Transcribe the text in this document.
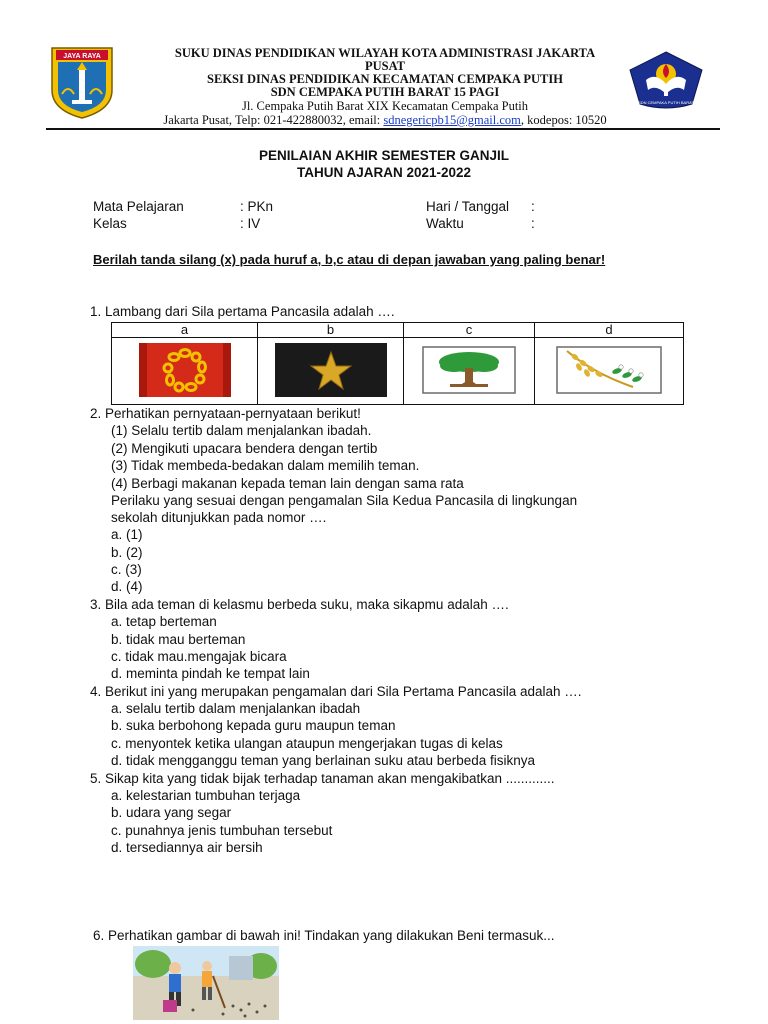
JAYA RAYA
SDN CEMPAKA PUTIH BARAT
SUKU DINAS PENDIDIKAN WILAYAH KOTA ADMINISTRASI JAKARTA
PUSAT
SEKSI DINAS PENDIDIKAN KECAMATAN CEMPAKA PUTIH
SDN CEMPAKA PUTIH BARAT 15 PAGI
Jl. Cempaka Putih Barat XIX Kecamatan Cempaka Putih
Jakarta Pusat, Telp: 021-422880032, email: sdnegericpb15@gmail.com, kodepos: 10520
PENILAIAN AKHIR SEMESTER GANJIL
TAHUN AJARAN 2021-2022
Mata Pelajaran	: PKn	Hari / Tanggal :
Kelas	: IV	Waktu	:
Berilah tanda silang (x) pada huruf a, b,c atau di depan jawaban yang paling benar!
1. Lambang dari Sila pertama Pancasila adalah ….
a	b	c	d

2. Perhatikan pernyataan-pernyataan berikut!
(1) Selalu tertib dalam menjalankan ibadah.
(2) Mengikuti upacara bendera dengan tertib
(3) Tidak membeda-bedakan dalam memilih teman.
(4) Berbagi makanan kepada teman lain dengan sama rata
Perilaku yang sesuai dengan pengamalan Sila Kedua Pancasila di lingkungan
sekolah ditunjukkan pada nomor ….
a. (1)
b. (2)
c. (3)
d. (4)
3. Bila ada teman di kelasmu berbeda suku, maka sikapmu adalah ….
a. tetap berteman
b. tidak mau berteman
c. tidak mau.mengajak bicara
d. meminta pindah ke tempat lain
4. Berikut ini yang merupakan pengamalan dari Sila Pertama Pancasila adalah ….
a. selalu tertib dalam menjalankan ibadah
b. suka berbohong kepada guru maupun teman
c. menyontek ketika ulangan ataupun mengerjakan tugas di kelas
d. tidak mengganggu teman yang berlainan suku atau berbeda fisiknya
5. Sikap kita yang tidak bijak terhadap tanaman akan mengakibatkan .............
a. kelestarian tumbuhan terjaga
b. udara yang segar
c. punahnya jenis tumbuhan tersebut
d. tersediannya air bersih
6. Perhatikan gambar di bawah ini! Tindakan yang dilakukan Beni termasuk...
